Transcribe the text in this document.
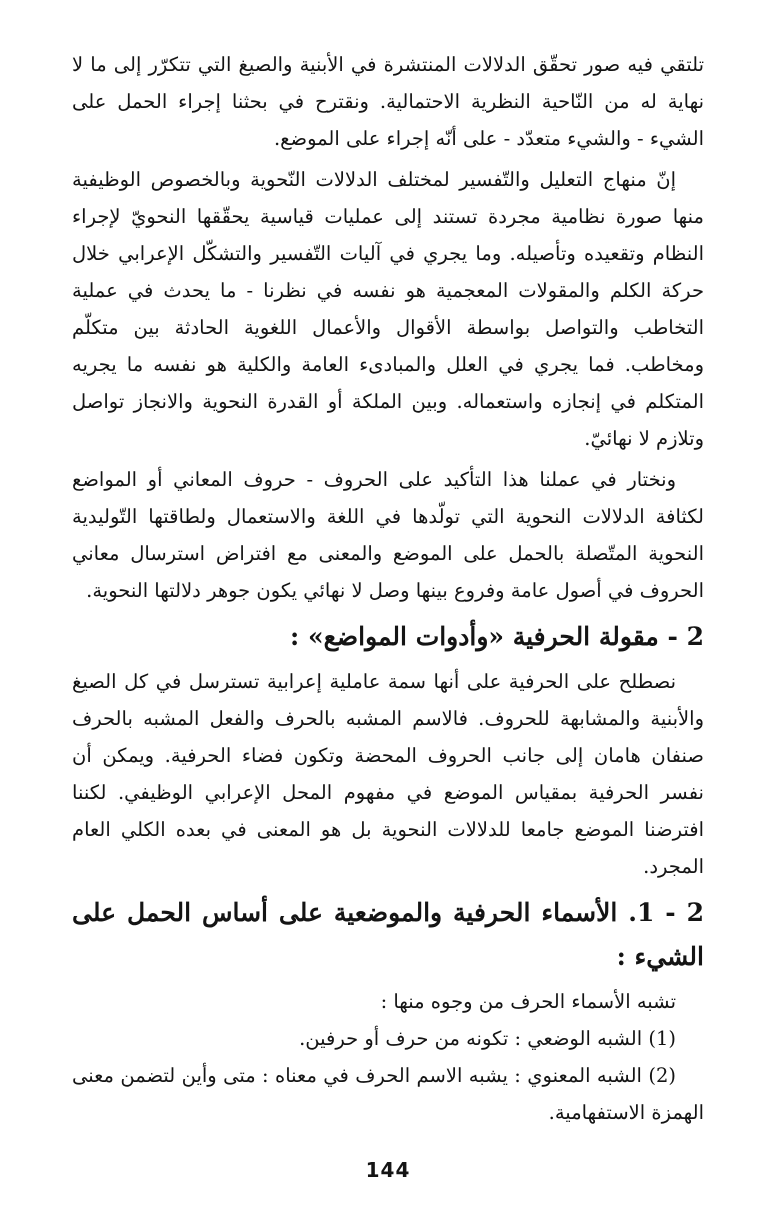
تلتقي فيه صور تحقّق الدلالات المنتشرة في الأبنية والصيغ التي تتكرّر إلى ما لا نهاية له من النّاحية النظرية الاحتمالية. ونقترح في بحثنا إجراء الحمل على الشيء - والشيء متعدّد - على أنّه إجراء على الموضع.

إنّ منهاج التعليل والتّفسير لمختلف الدلالات النّحوية وبالخصوص الوظيفية منها صورة نظامية مجردة تستند إلى عمليات قياسية يحقّقها النحويّ لإجراء النظام وتقعيده وتأصيله. وما يجري في آليات التّفسير والتشكّل الإعرابي خلال حركة الكلم والمقولات المعجمية هو نفسه في نظرنا - ما يحدث في عملية التخاطب والتواصل بواسطة الأقوال والأعمال اللغوية الحادثة بين متكلّم ومخاطب. فما يجري في العلل والمبادىء العامة والكلية هو نفسه ما يجريه المتكلم في إنجازه واستعماله. وبين الملكة أو القدرة النحوية والانجاز تواصل وتلازم لا نهائيّ.

ونختار في عملنا هذا التأكيد على الحروف - حروف المعاني أو المواضع لكثافة الدلالات النحوية التي تولّدها في اللغة والاستعمال ولطاقتها التّوليدية النحوية المتّصلة بالحمل على الموضع والمعنى مع افتراض استرسال معاني الحروف في أصول عامة وفروع بينها وصل لا نهائي يكون جوهر دلالتها النحوية.

2 - مقولة الحرفية «وأدوات المواضع» :

نصطلح على الحرفية على أنها سمة عاملية إعرابية تسترسل في كل الصيغ والأبنية والمشابهة للحروف. فالاسم المشبه بالحرف والفعل المشبه بالحرف صنفان هامان إلى جانب الحروف المحضة وتكون فضاء الحرفية. ويمكن أن نفسر الحرفية بمقياس الموضع في مفهوم المحل الإعرابي الوظيفي. لكننا افترضنا الموضع جامعا للدلالات النحوية بل هو المعنى في بعده الكلي العام المجرد.

2 - 1. الأسماء الحرفية والموضعية على أساس الحمل على الشيء :

تشبه الأسماء الحرف من وجوه منها :

(1) الشبه الوضعي : تكونه من حرف أو حرفين.

(2) الشبه المعنوي : يشبه الاسم الحرف في معناه : متى وأين لتضمن معنى الهمزة الاستفهامية.

144
